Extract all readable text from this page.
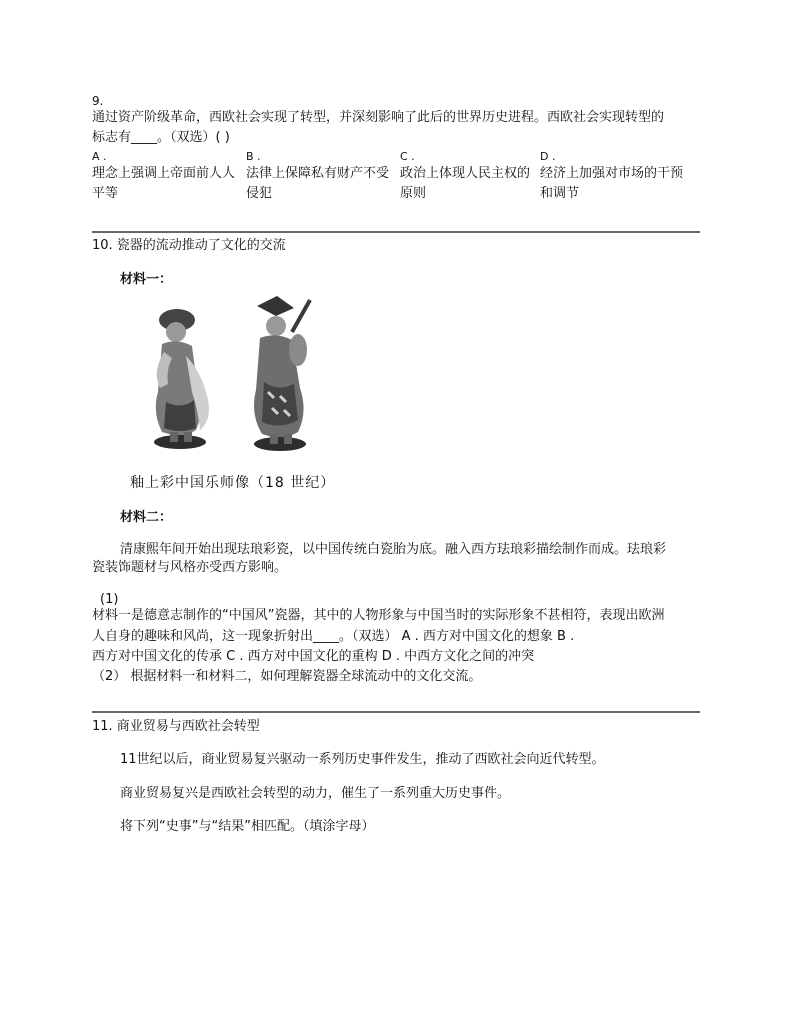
9.
通过资产阶级革命，西欧社会实现了转型，并深刻影响了此后的世界历史进程。西欧社会实现转型的
标志有____。（双选）( )
A .
理念上强调上帝面前人人
平等
B .
法律上保障私有财产不受
侵犯
C .
政治上体现人民主权的
原则
D .
经济上加强对市场的干预
和调节
10. 瓷器的流动推动了文化的交流
材料一：
釉上彩中国乐师像（18 世纪）
材料二：
清康熙年间开始出现珐琅彩瓷，以中国传统白瓷胎为底。融入西方珐琅彩描绘制作而成。珐琅彩
瓷装饰题材与风格亦受西方影响。
(1)
材料一是德意志制作的“中国风”瓷器，其中的人物形象与中国当时的实际形象不甚相符，表现出欧洲
人自身的趣味和风尚，这一现象折射出____。（双选） A . 西方对中国文化的想象 B .
西方对中国文化的传承 C . 西方对中国文化的重构 D . 中西方文化之间的冲突
（2） 根据材料一和材料二，如何理解瓷器全球流动中的文化交流。
11. 商业贸易与西欧社会转型
11世纪以后，商业贸易复兴驱动一系列历史事件发生，推动了西欧社会向近代转型。
商业贸易复兴是西欧社会转型的动力，催生了一系列重大历史事件。
将下列“史事”与“结果”相匹配。（填涂字母）
